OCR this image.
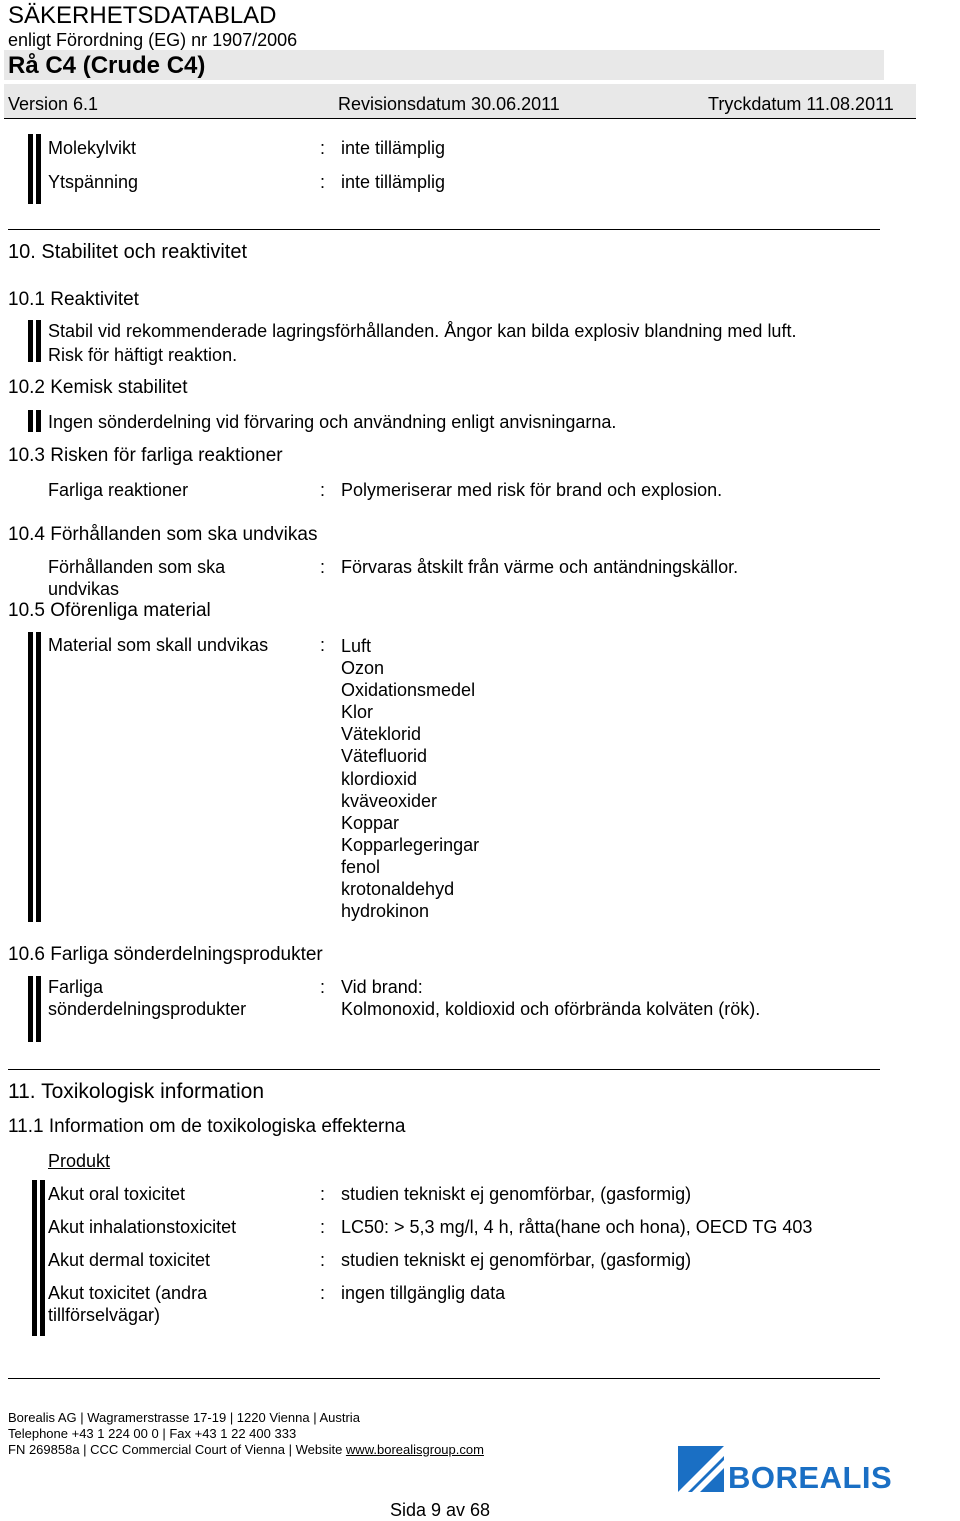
SÄKERHETSDATABLAD
enligt Förordning (EG) nr 1907/2006
Rå C4 (Crude C4)
Version 6.1	Revisionsdatum 30.06.2011	Tryckdatum 11.08.2011
Molekylvikt	: inte tillämplig
Ytspänning	: inte tillämplig
10. Stabilitet och reaktivitet
10.1 Reaktivitet
Stabil vid rekommenderade lagringsförhållanden. Ångor kan bilda explosiv blandning med luft.
Risk för häftigt reaktion.
10.2 Kemisk stabilitet
Ingen sönderdelning vid förvaring och användning enligt anvisningarna.
10.3 Risken för farliga reaktioner
Farliga reaktioner	: Polymeriserar med risk för brand och explosion.
10.4 Förhållanden som ska undvikas
Förhållanden som ska
undvikas
: Förvaras åtskilt från värme och antändningskällor.
10.5 Oförenliga material
Material som skall undvikas	: Luft
Ozon
Oxidationsmedel
Klor
Väteklorid
Vätefluorid
klordioxid
kväveoxider
Koppar
Kopparlegeringar
fenol
krotonaldehyd
hydrokinon
10.6 Farliga sönderdelningsprodukter
Farliga
sönderdelningsprodukter
: Vid brand:
Kolmonoxid, koldioxid och oförbrända kolväten (rök).
11. Toxikologisk information
11.1 Information om de toxikologiska effekterna
Produkt
Akut oral toxicitet	: studien tekniskt ej genomförbar, (gasformig)
Akut inhalationstoxicitet	: LC50: > 5,3 mg/l, 4 h, råtta(hane och hona), OECD TG 403
Akut dermal toxicitet	: studien tekniskt ej genomförbar, (gasformig)
Akut toxicitet (andra
tillförselvägar)
: ingen tillgänglig data
Borealis AG | Wagramerstrasse 17-19 | 1220 Vienna | Austria
Telephone +43 1 224 00 0 | Fax +43 1 22 400 333
FN 269858a | CCC Commercial Court of Vienna | Website www.borealisgroup.com
Sida 9 av 68
BOREALIS
